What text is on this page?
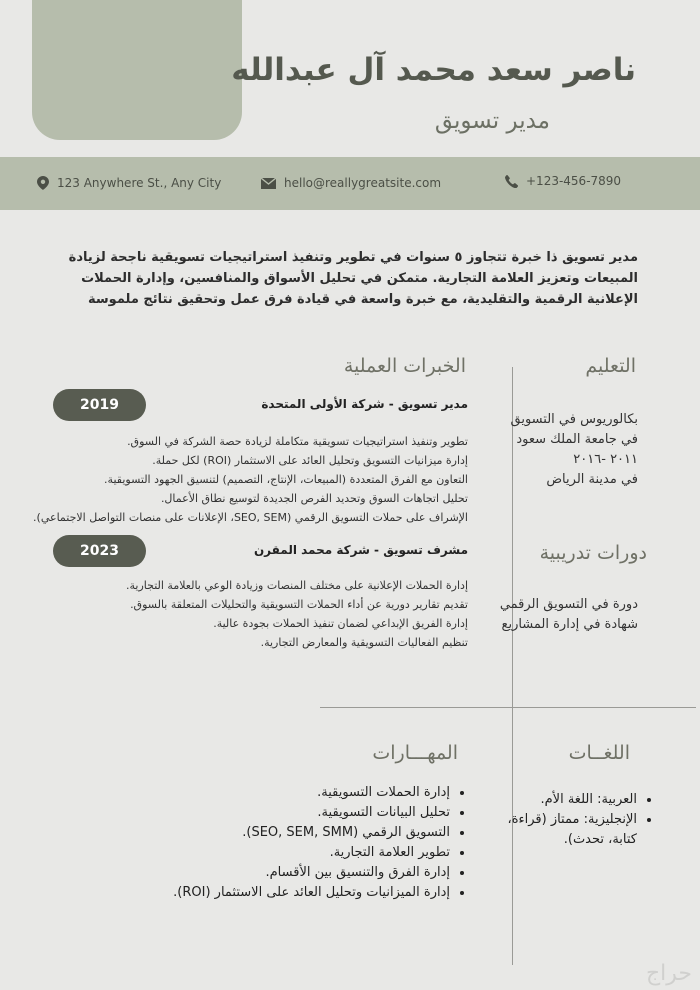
ناصر سعد محمد آل عبدالله
مدير تسويق
123 Anywhere St., Any City	hello@reallygreatsite.com	+123-456-7890
مدير تسويق ذا خبرة تتجاوز ٥ سنوات في تطوير وتنفيذ استراتيجيات تسويقية ناجحة لزيادة المبيعات وتعزيز العلامة التجارية. متمكن في تحليل الأسواق والمنافسين، وإدارة الحملات الإعلانية الرقمية والتقليدية، مع خبرة واسعة في قيادة فرق عمل وتحقيق نتائج ملموسة
الخبرات العملية
2019	مدير تسويق - شركة الأولى المتحدة
تطوير وتنفيذ استراتيجيات تسويقية متكاملة لزيادة حصة الشركة في السوق.
إدارة ميزانيات التسويق وتحليل العائد على الاستثمار (ROI) لكل حملة.
التعاون مع الفرق المتعددة (المبيعات، الإنتاج، التصميم) لتنسيق الجهود التسويقية.
تحليل اتجاهات السوق وتحديد الفرص الجديدة لتوسيع نطاق الأعمال.
الإشراف على حملات التسويق الرقمي (SEO, SEM، الإعلانات على منصات التواصل الاجتماعي).
2023	مشرف تسويق - شركة محمد المقرن
إدارة الحملات الإعلانية على مختلف المنصات وزيادة الوعي بالعلامة التجارية.
تقديم تقارير دورية عن أداء الحملات التسويقية والتحليلات المتعلقة بالسوق.
إدارة الفريق الإبداعي لضمان تنفيذ الحملات بجودة عالية.
تنظيم الفعاليات التسويقية والمعارض التجارية.
التعليم
بكالوريوس في التسويق
في جامعة الملك سعود
٢٠١١ -٢٠١٦
في مدينة الرياض
دورات تدريبية
دورة في التسويق الرقمي
شهادة في إدارة المشاريع
المهـــارات
• إدارة الحملات التسويقية.
• تحليل البيانات التسويقية.
• التسويق الرقمي (SEO, SEM, SMM).
• تطوير العلامة التجارية.
• إدارة الفرق والتنسيق بين الأقسام.
• إدارة الميزانيات وتحليل العائد على الاستثمار (ROI).
اللغــات
• العربية: اللغة الأم.
• الإنجليزية: ممتاز (قراءة، كتابة، تحدث).
حراج
